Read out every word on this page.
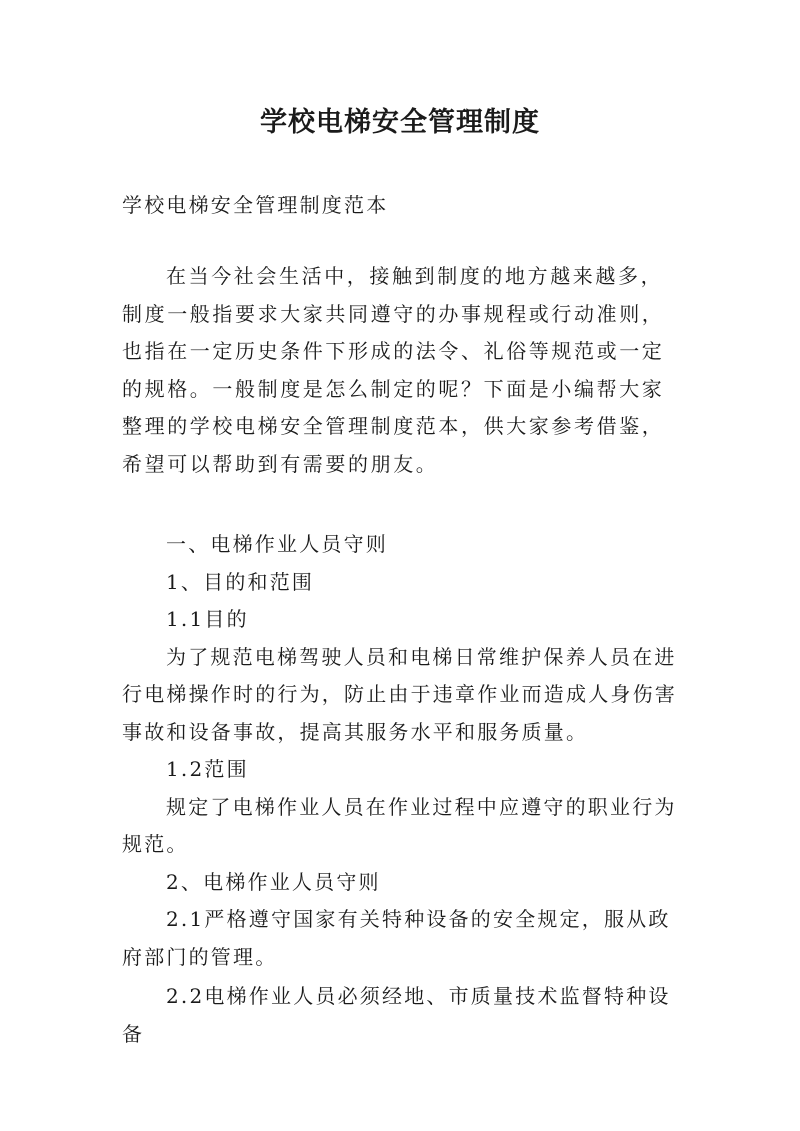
学校电梯安全管理制度

学校电梯安全管理制度范本

在当今社会生活中，接触到制度的地方越来越多，制度一般指要求大家共同遵守的办事规程或行动准则，也指在一定历史条件下形成的法令、礼俗等规范或一定的规格。一般制度是怎么制定的呢？下面是小编帮大家整理的学校电梯安全管理制度范本，供大家参考借鉴，希望可以帮助到有需要的朋友。

一、电梯作业人员守则

1、目的和范围

1.1目的

为了规范电梯驾驶人员和电梯日常维护保养人员在进行电梯操作时的行为，防止由于违章作业而造成人身伤害事故和设备事故，提高其服务水平和服务质量。

1.2范围

规定了电梯作业人员在作业过程中应遵守的职业行为规范。

2、电梯作业人员守则

2.1严格遵守国家有关特种设备的安全规定，服从政府部门的管理。

2.2电梯作业人员必须经地、市质量技术监督特种设备
